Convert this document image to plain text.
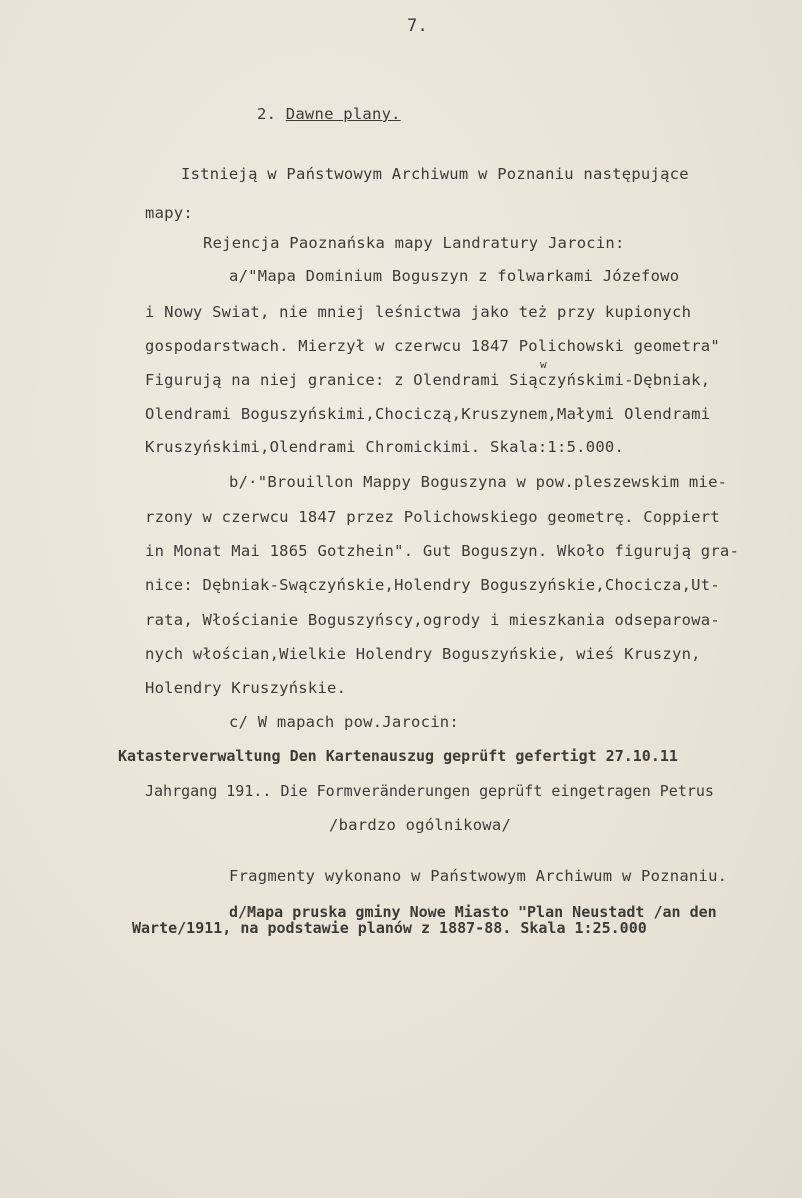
7.
2. Dawne plany.
Istnieją w Państwowym Archiwum w Poznaniu następujące
mapy:
Rejencja Paoznańska mapy Landratury Jarocin:
a/"Mapa Dominium Boguszyn z folwarkami Józefowo
i Nowy Swiat, nie mniej leśnictwa jako też przy kupionych
gospodarstwach. Mierzył w czerwcu 1847 Polichowski geometra"
w
Figurują na niej granice: z Olendrami Siączyńskimi-Dębniak,
Olendrami Boguszyńskimi,Chociczą,Kruszynem,Małymi Olendrami
Kruszyńskimi,Olendrami Chromickimi. Skala:1:5.000.
b/·"Brouillon Mappy Boguszyna w pow.pleszewskim mie-
rzony w czerwcu 1847 przez Polichowskiego geometrę. Coppiert
in Monat Mai 1865 Gotzhein". Gut Boguszyn. Wkoło figurują gra-
nice: Dębniak-Swączyńskie,Holendry Boguszyńskie,Chocicza,Ut-
rata, Włościanie Boguszyńscy,ogrody i mieszkania odseparowa-
nych włościan,Wielkie Holendry Boguszyńskie, wieś Kruszyn,
Holendry Kruszyńskie.
c/ W mapach pow.Jarocin:
Katasterverwaltung Den Kartenauszug geprüft gefertigt 27.10.11
Jahrgang 191.. Die Formveränderungen geprüft eingetragen Petrus
/bardzo ogólnikowa/
Fragmenty wykonano w Państwowym Archiwum w Poznaniu.
d/Mapa pruska gminy Nowe Miasto "Plan Neustadt /an den
Warte/1911, na podstawie planów z 1887-88. Skala 1:25.000
